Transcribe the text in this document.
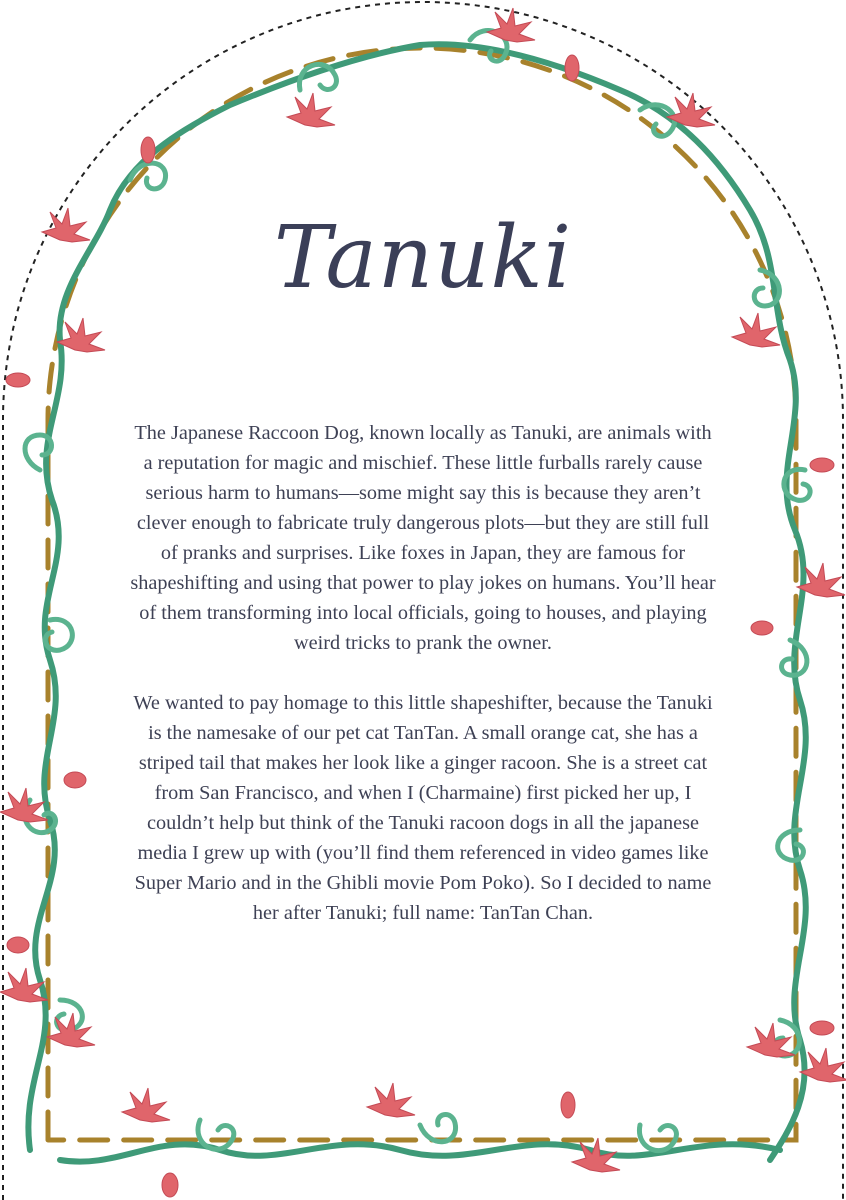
Tanuki

The Japanese Raccoon Dog, known locally as Tanuki, are animals with a reputation for magic and mischief. These little furballs rarely cause serious harm to humans—some might say this is because they aren’t clever enough to fabricate truly dangerous plots—but they are still full of pranks and surprises. Like foxes in Japan, they are famous for shapeshifting and using that power to play jokes on humans. You’ll hear of them transforming into local officials, going to houses, and playing weird tricks to prank the owner.

We wanted to pay homage to this little shapeshifter, because the Tanuki is the namesake of our pet cat TanTan. A small orange cat, she has a striped tail that makes her look like a ginger racoon. She is a street cat from San Francisco, and when I (Charmaine) first picked her up, I couldn’t help but think of the Tanuki racoon dogs in all the japanese media I grew up with (you’ll find them referenced in video games like Super Mario and in the Ghibli movie Pom Poko). So I decided to name her after Tanuki; full name: TanTan Chan.
